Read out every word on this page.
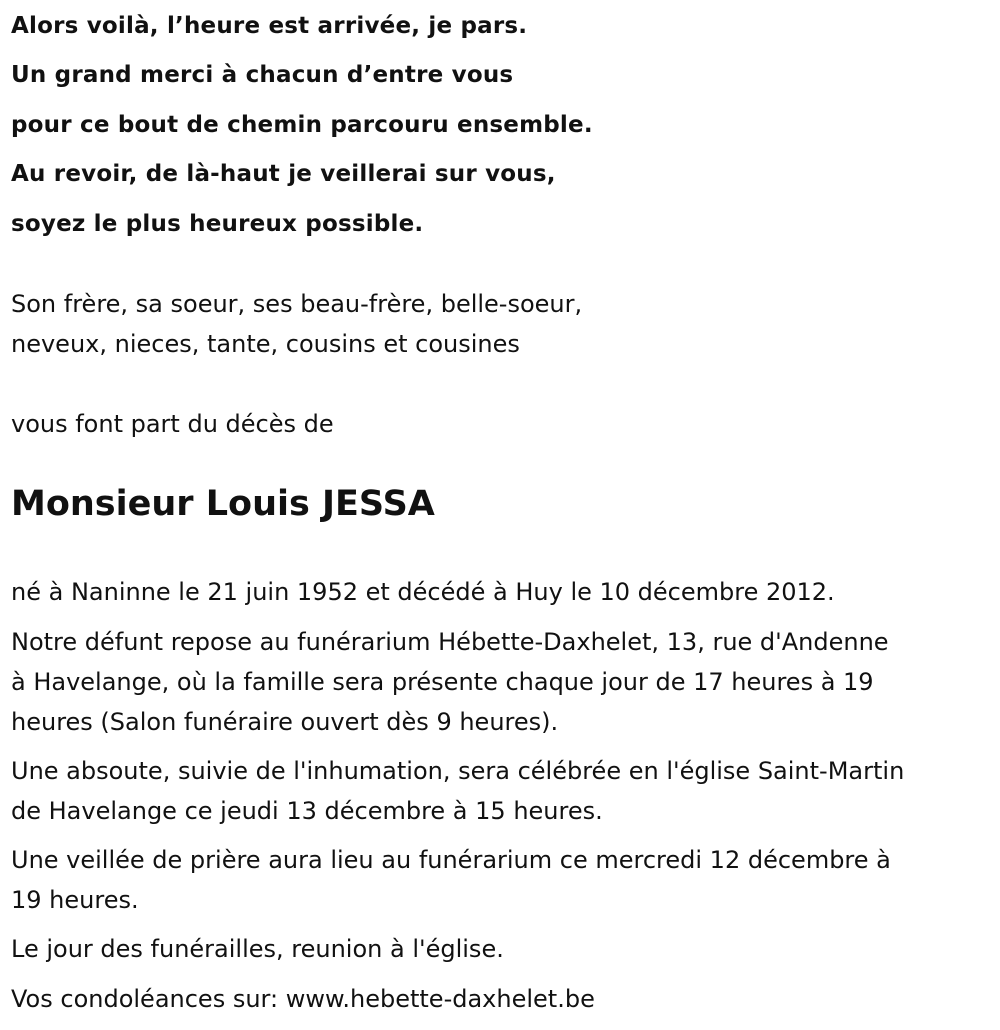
Alors voilà, l’heure est arrivée, je pars.
Un grand merci à chacun d’entre vous
pour ce bout de chemin parcouru ensemble.
Au revoir, de là-haut je veillerai sur vous,
soyez le plus heureux possible.
Son frère, sa soeur, ses beau-frère, belle-soeur,
neveux, nieces, tante, cousins et cousines
vous font part du décès de
Monsieur Louis JESSA
né à Naninne le 21 juin 1952 et décédé à Huy le 10 décembre 2012.
Notre défunt repose au funérarium Hébette-Daxhelet, 13, rue d'Andenne
à Havelange, où la famille sera présente chaque jour de 17 heures à 19
heures (Salon funéraire ouvert dès 9 heures).
Une absoute, suivie de l'inhumation, sera célébrée en l'église Saint-Martin
de Havelange ce jeudi 13 décembre à 15 heures.
Une veillée de prière aura lieu au funérarium ce mercredi 12 décembre à
19 heures.
Le jour des funérailles, reunion à l'église.
Vos condoléances sur: www.hebette-daxhelet.be
